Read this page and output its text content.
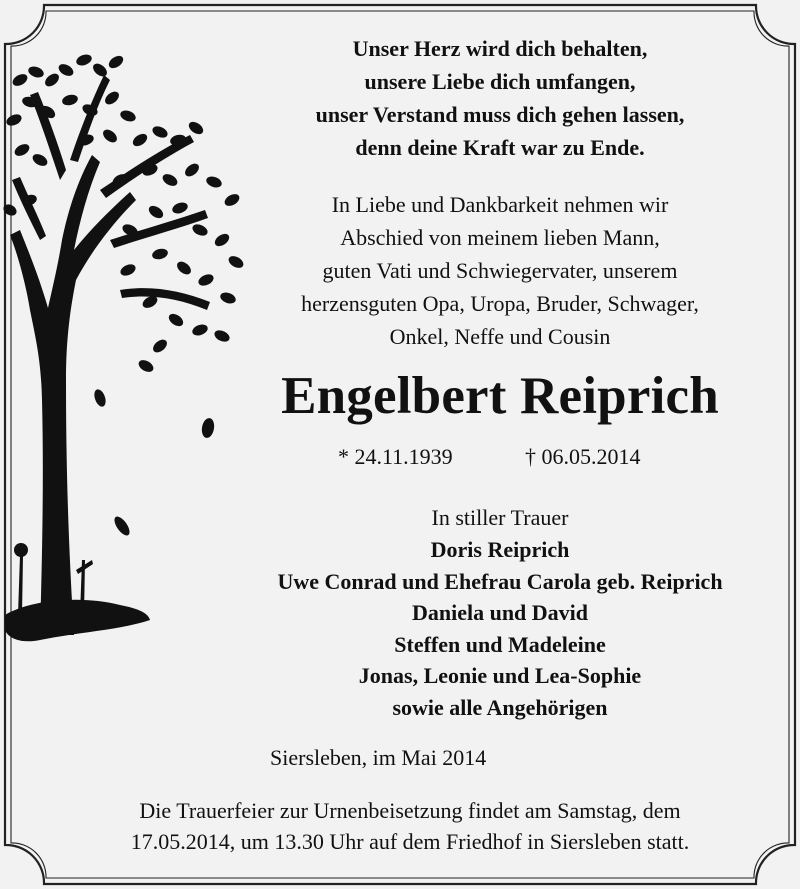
Unser Herz wird dich behalten,
unsere Liebe dich umfangen,
unser Verstand muss dich gehen lassen,
denn deine Kraft war zu Ende.
In Liebe und Dankbarkeit nehmen wir
Abschied von meinem lieben Mann,
guten Vati und Schwiegervater, unserem
herzensguten Opa, Uropa, Bruder, Schwager,
Onkel, Neffe und Cousin
Engelbert Reiprich
* 24.11.1939	† 06.05.2014
In stiller Trauer
Doris Reiprich
Uwe Conrad und Ehefrau Carola geb. Reiprich
Daniela und David
Steffen und Madeleine
Jonas, Leonie und Lea-Sophie
sowie alle Angehörigen
Siersleben, im Mai 2014
Die Trauerfeier zur Urnenbeisetzung findet am Samstag, dem
17.05.2014, um 13.30 Uhr auf dem Friedhof in Siersleben statt.
